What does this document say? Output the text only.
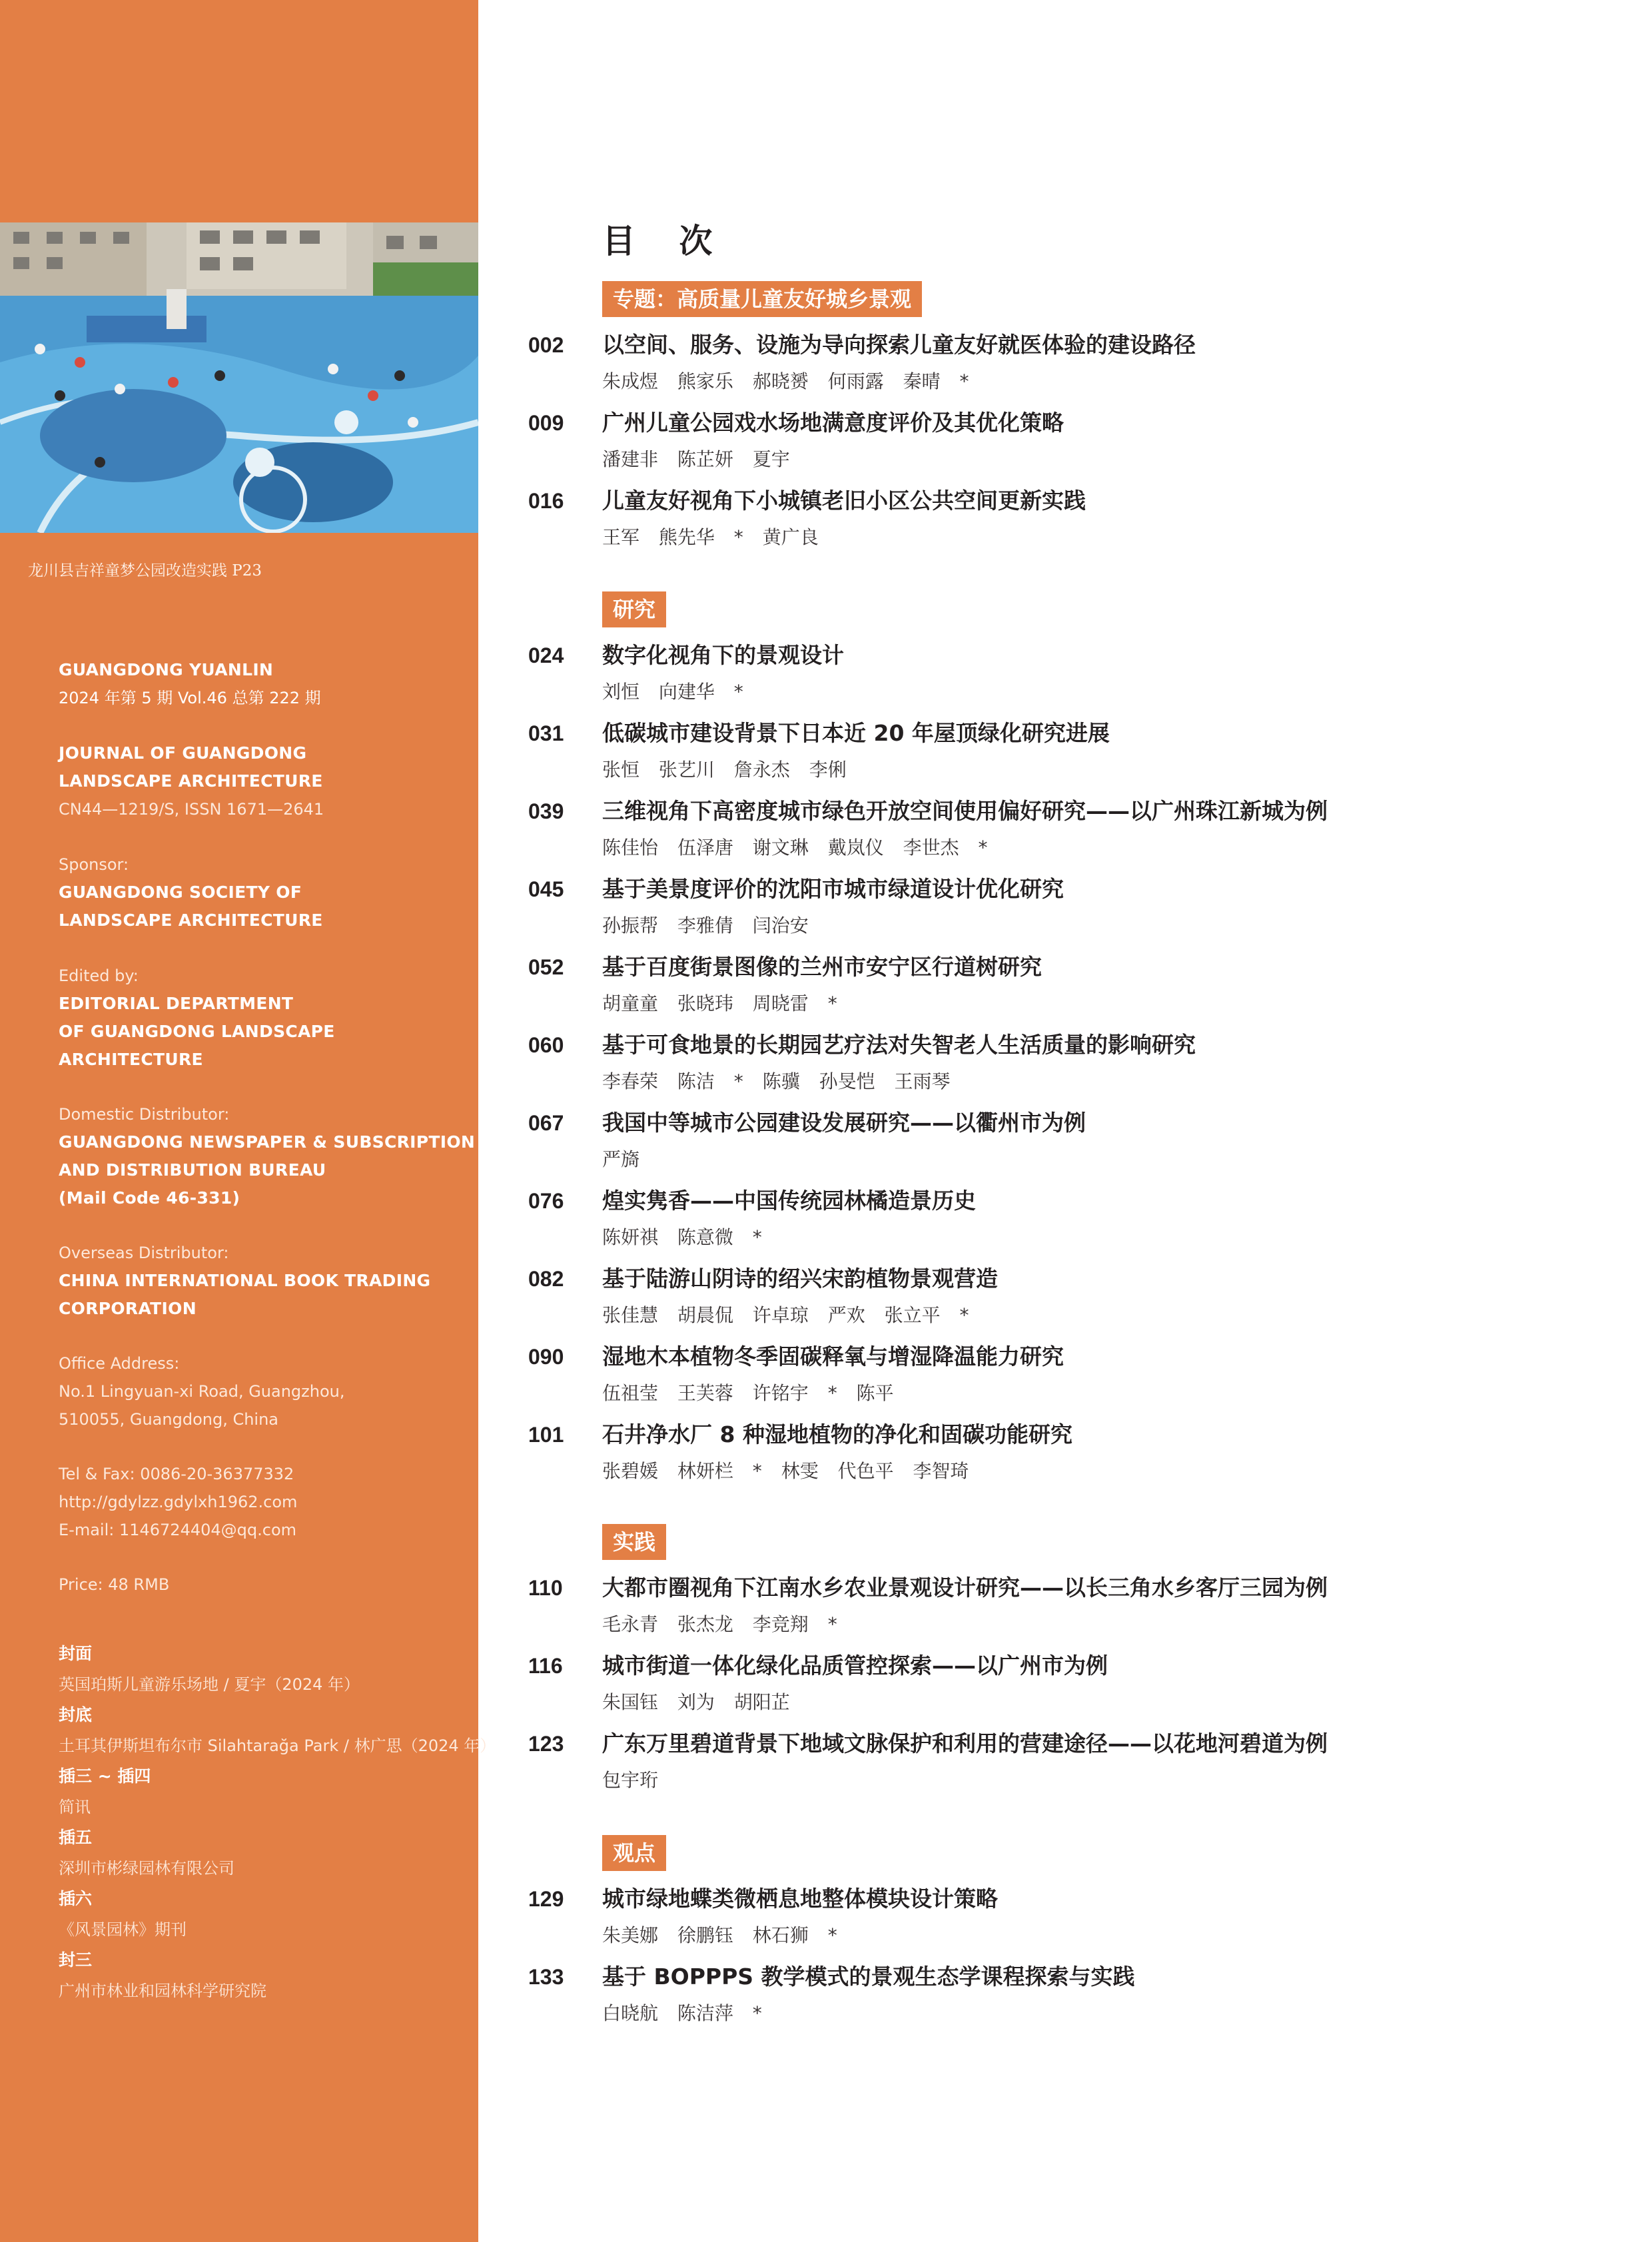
龙川县吉祥童梦公园改造实践 P23
GUANGDONG YUANLIN
2024 年第 5 期 Vol.46 总第 222 期
JOURNAL OF GUANGDONG
LANDSCAPE ARCHITECTURE
CN44—1219/S, ISSN 1671—2641
Sponsor:
GUANGDONG SOCIETY OF
LANDSCAPE ARCHITECTURE
Edited by:
EDITORIAL DEPARTMENT
OF GUANGDONG LANDSCAPE
ARCHITECTURE
Domestic Distributor:
GUANGDONG NEWSPAPER & SUBSCRIPTION
AND DISTRIBUTION BUREAU
(Mail Code 46-331)
Overseas Distributor:
CHINA INTERNATIONAL BOOK TRADING
CORPORATION
Office Address:
No.1 Lingyuan-xi Road, Guangzhou,
510055, Guangdong, China
Tel & Fax: 0086-20-36377332
http://gdylzz.gdylxh1962.com
E-mail: 1146724404@qq.com
Price: 48 RMB
封面
英国珀斯儿童游乐场地 / 夏宇（2024 年）
封底
土耳其伊斯坦布尔市 Silahtarağa Park / 林广思（2024 年）
插三 ~ 插四
简讯
插五
深圳市彬绿园林有限公司
插六
《风景园林》期刊
封三
广州市林业和园林科学研究院
目 次
专题：高质量儿童友好城乡景观
002 以空间、服务、设施为导向探索儿童友好就医体验的建设路径
朱成煜 熊家乐 郝晓赟 何雨露 秦晴 *
009 广州儿童公园戏水场地满意度评价及其优化策略
潘建非 陈芷妍 夏宇
016 儿童友好视角下小城镇老旧小区公共空间更新实践
王军 熊先华 * 黄广良
研究
024 数字化视角下的景观设计
刘恒 向建华 *
031 低碳城市建设背景下日本近 20 年屋顶绿化研究进展
张恒 张艺川 詹永杰 李俐
039 三维视角下高密度城市绿色开放空间使用偏好研究——以广州珠江新城为例
陈佳怡 伍泽唐 谢文琳 戴岚仪 李世杰 *
045 基于美景度评价的沈阳市城市绿道设计优化研究
孙振帮 李雅倩 闫治安
052 基于百度街景图像的兰州市安宁区行道树研究
胡童童 张晓玮 周晓雷 *
060 基于可食地景的长期园艺疗法对失智老人生活质量的影响研究
李春荣 陈洁 * 陈骥 孙旻恺 王雨琴
067 我国中等城市公园建设发展研究——以衢州市为例
严旖
076 煌实隽香——中国传统园林橘造景历史
陈妍祺 陈意微 *
082 基于陆游山阴诗的绍兴宋韵植物景观营造
张佳慧 胡晨侃 许卓琼 严欢 张立平 *
090 湿地木本植物冬季固碳释氧与增湿降温能力研究
伍祖莹 王芙蓉 许铭宇 * 陈平
101 石井净水厂 8 种湿地植物的净化和固碳功能研究
张碧媛 林妍栏 * 林雯 代色平 李智琦
实践
110 大都市圈视角下江南水乡农业景观设计研究——以长三角水乡客厅三园为例
毛永青 张杰龙 李竞翔 *
116 城市街道一体化绿化品质管控探索——以广州市为例
朱国钰 刘为 胡阳芷
123 广东万里碧道背景下地域文脉保护和利用的营建途径——以花地河碧道为例
包宇珩
观点
129 城市绿地蝶类微栖息地整体模块设计策略
朱美娜 徐鹏钰 林石狮 *
133 基于 BOPPPS 教学模式的景观生态学课程探索与实践
白晓航 陈洁萍 *
